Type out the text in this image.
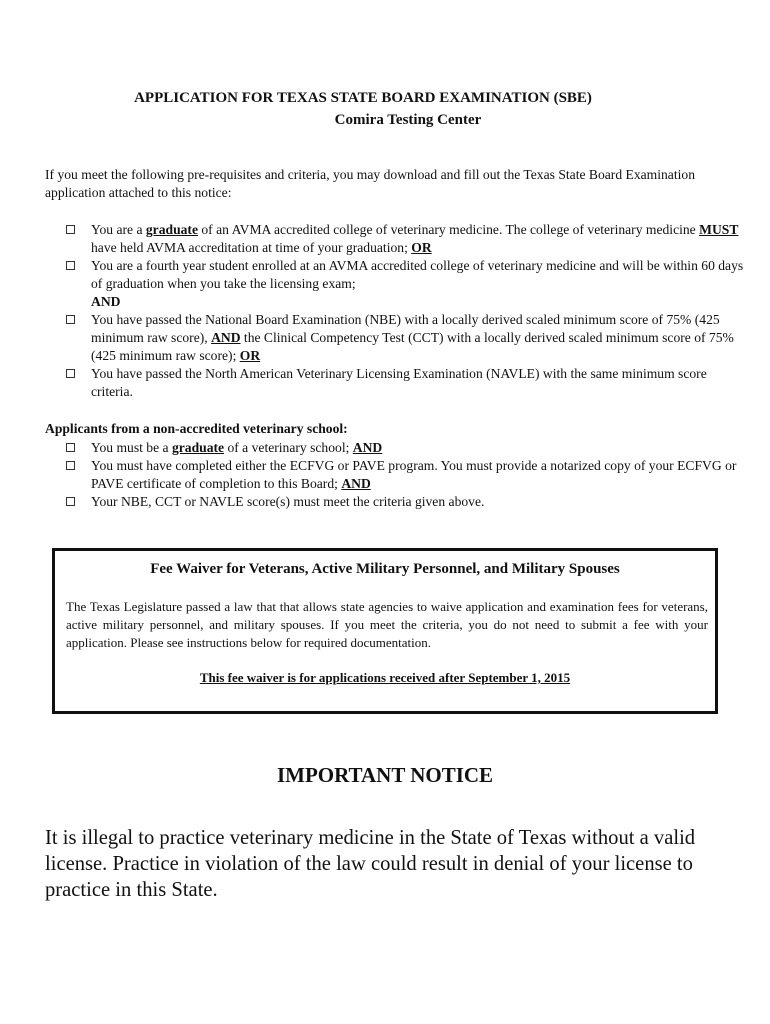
APPLICATION FOR TEXAS STATE BOARD EXAMINATION (SBE)
Comira Testing Center
If you meet the following pre-requisites and criteria, you may download and fill out the Texas State Board Examination application attached to this notice:
You are a graduate of an AVMA accredited college of veterinary medicine. The college of veterinary medicine MUST have held AVMA accreditation at time of your graduation; OR
You are a fourth year student enrolled at an AVMA accredited college of veterinary medicine and will be within 60 days of graduation when you take the licensing exam;
AND
You have passed the National Board Examination (NBE) with a locally derived scaled minimum score of 75% (425 minimum raw score), AND the Clinical Competency Test (CCT) with a locally derived scaled minimum score of 75% (425 minimum raw score); OR
You have passed the North American Veterinary Licensing Examination (NAVLE) with the same minimum score criteria.
Applicants from a non-accredited veterinary school:
You must be a graduate of a veterinary school; AND
You must have completed either the ECFVG or PAVE program. You must provide a notarized copy of your ECFVG or PAVE certificate of completion to this Board; AND
Your NBE, CCT or NAVLE score(s) must meet the criteria given above.
Fee Waiver for Veterans, Active Military Personnel, and Military Spouses
The Texas Legislature passed a law that that allows state agencies to waive application and examination fees for veterans, active military personnel, and military spouses. If you meet the criteria, you do not need to submit a fee with your application. Please see instructions below for required documentation.
This fee waiver is for applications received after September 1, 2015
IMPORTANT NOTICE
It is illegal to practice veterinary medicine in the State of Texas without a valid license. Practice in violation of the law could result in denial of your license to practice in this State.
